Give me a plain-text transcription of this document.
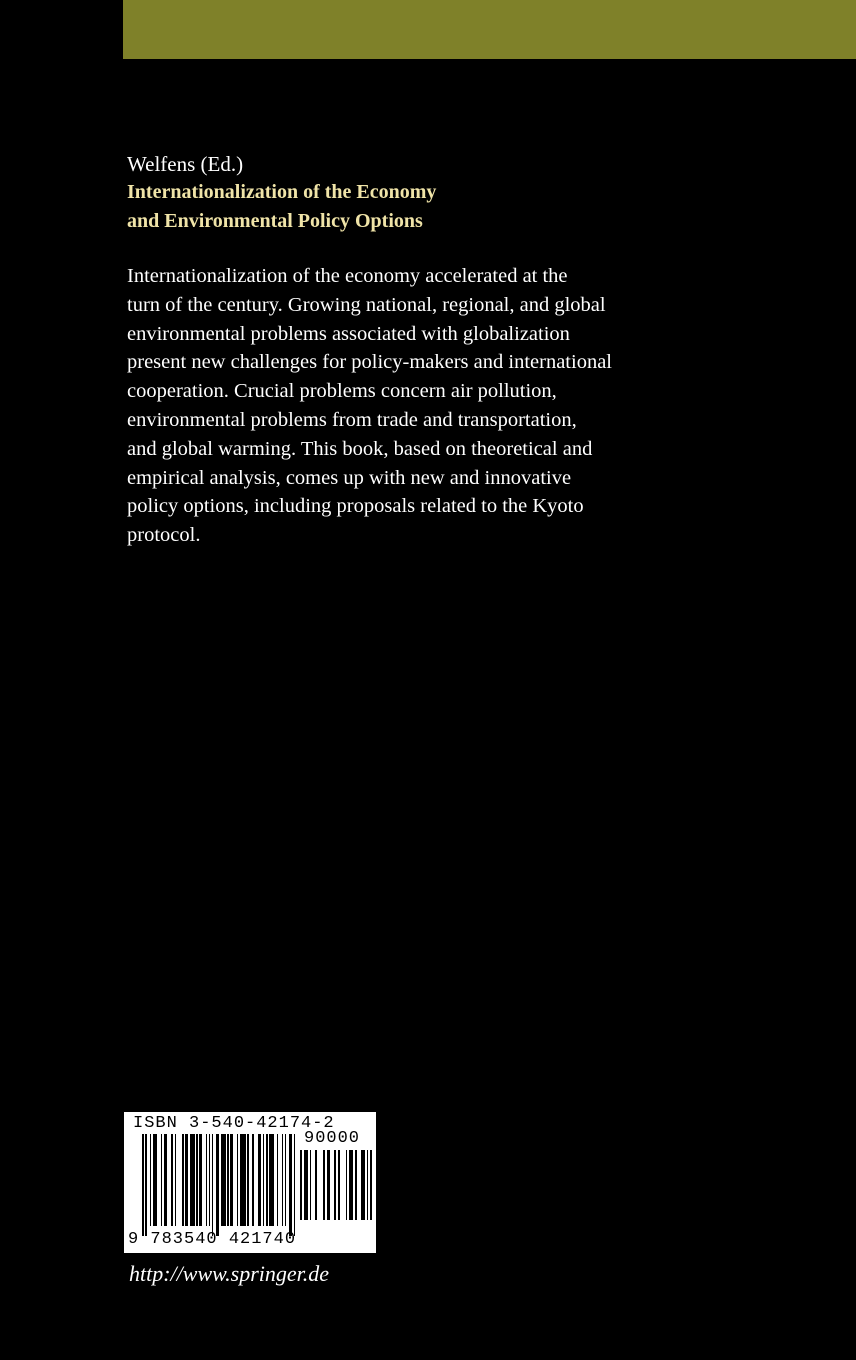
Welfens (Ed.)
Internationalization of the Economy
and Environmental Policy Options
Internationalization of the economy accelerated at the
turn of the century. Growing national, regional, and global
environmental problems associated with globalization
present new challenges for policy-makers and international
cooperation. Crucial problems concern air pollution,
environmental problems from trade and transportation,
and global warming. This book, based on theoretical and
empirical analysis, comes up with new and innovative
policy options, including proposals related to the Kyoto
protocol.
ISBN 3-540-42174-2
90000
9 783540 421740
http://www.springer.de
